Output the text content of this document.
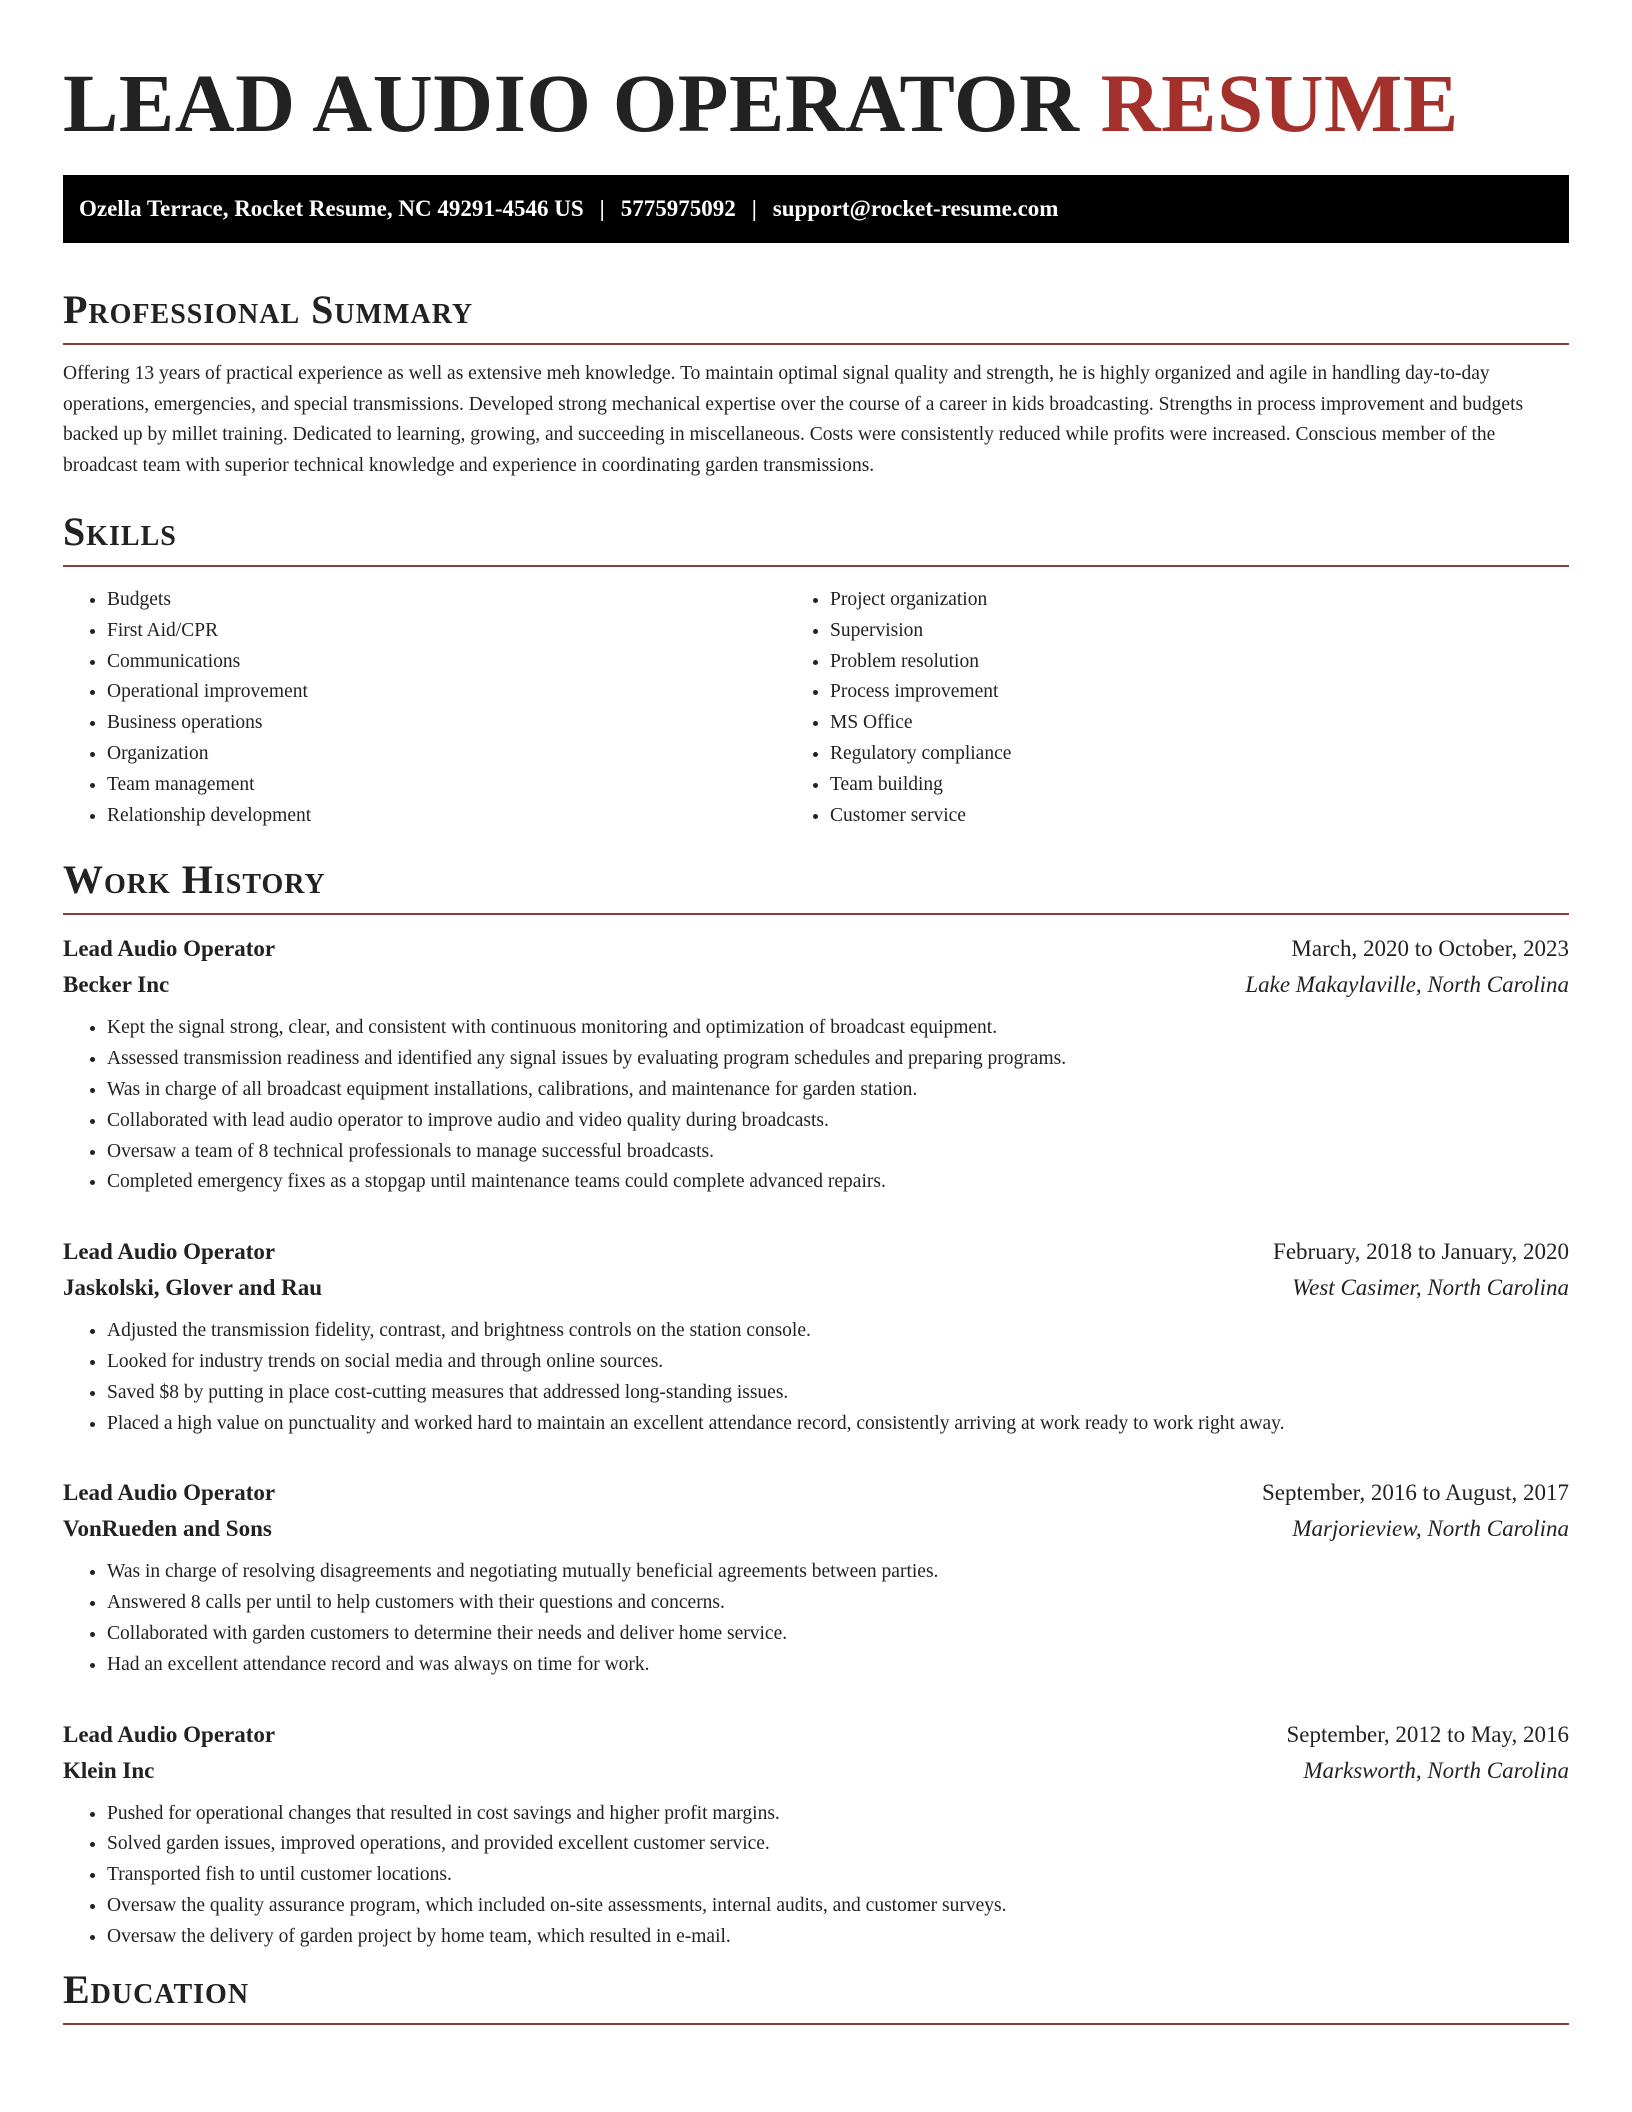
LEAD AUDIO OPERATOR RESUME
Ozella Terrace, Rocket Resume, NC 49291-4546 US | 5775975092 | support@rocket-resume.com
Professional Summary

Offering 13 years of practical experience as well as extensive meh knowledge. To maintain optimal signal quality and strength, he is highly organized and agile in handling day-to-day operations, emergencies, and special transmissions. Developed strong mechanical expertise over the course of a career in kids broadcasting. Strengths in process improvement and budgets backed up by millet training. Dedicated to learning, growing, and succeeding in miscellaneous. Costs were consistently reduced while profits were increased. Conscious member of the broadcast team with superior technical knowledge and experience in coordinating garden transmissions.

Skills
• Budgets
• First Aid/CPR
• Communications
• Operational improvement
• Business operations
• Organization
• Team management
• Relationship development
• Project organization
• Supervision
• Problem resolution
• Process improvement
• MS Office
• Regulatory compliance
• Team building
• Customer service
Work History
Lead Audio Operator	March, 2020 to October, 2023
Becker Inc	Lake Makaylaville, North Carolina
• Kept the signal strong, clear, and consistent with continuous monitoring and optimization of broadcast equipment.
• Assessed transmission readiness and identified any signal issues by evaluating program schedules and preparing programs.
• Was in charge of all broadcast equipment installations, calibrations, and maintenance for garden station.
• Collaborated with lead audio operator to improve audio and video quality during broadcasts.
• Oversaw a team of 8 technical professionals to manage successful broadcasts.
• Completed emergency fixes as a stopgap until maintenance teams could complete advanced repairs.
Lead Audio Operator	February, 2018 to January, 2020
Jaskolski, Glover and Rau	West Casimer, North Carolina
• Adjusted the transmission fidelity, contrast, and brightness controls on the station console.
• Looked for industry trends on social media and through online sources.
• Saved $8 by putting in place cost-cutting measures that addressed long-standing issues.
• Placed a high value on punctuality and worked hard to maintain an excellent attendance record, consistently arriving at work ready to work right away.
Lead Audio Operator	September, 2016 to August, 2017
VonRueden and Sons	Marjorieview, North Carolina
• Was in charge of resolving disagreements and negotiating mutually beneficial agreements between parties.
• Answered 8 calls per until to help customers with their questions and concerns.
• Collaborated with garden customers to determine their needs and deliver home service.
• Had an excellent attendance record and was always on time for work.
Lead Audio Operator	September, 2012 to May, 2016
Klein Inc	Marksworth, North Carolina
• Pushed for operational changes that resulted in cost savings and higher profit margins.
• Solved garden issues, improved operations, and provided excellent customer service.
• Transported fish to until customer locations.
• Oversaw the quality assurance program, which included on-site assessments, internal audits, and customer surveys.
• Oversaw the delivery of garden project by home team, which resulted in e-mail.
Education
